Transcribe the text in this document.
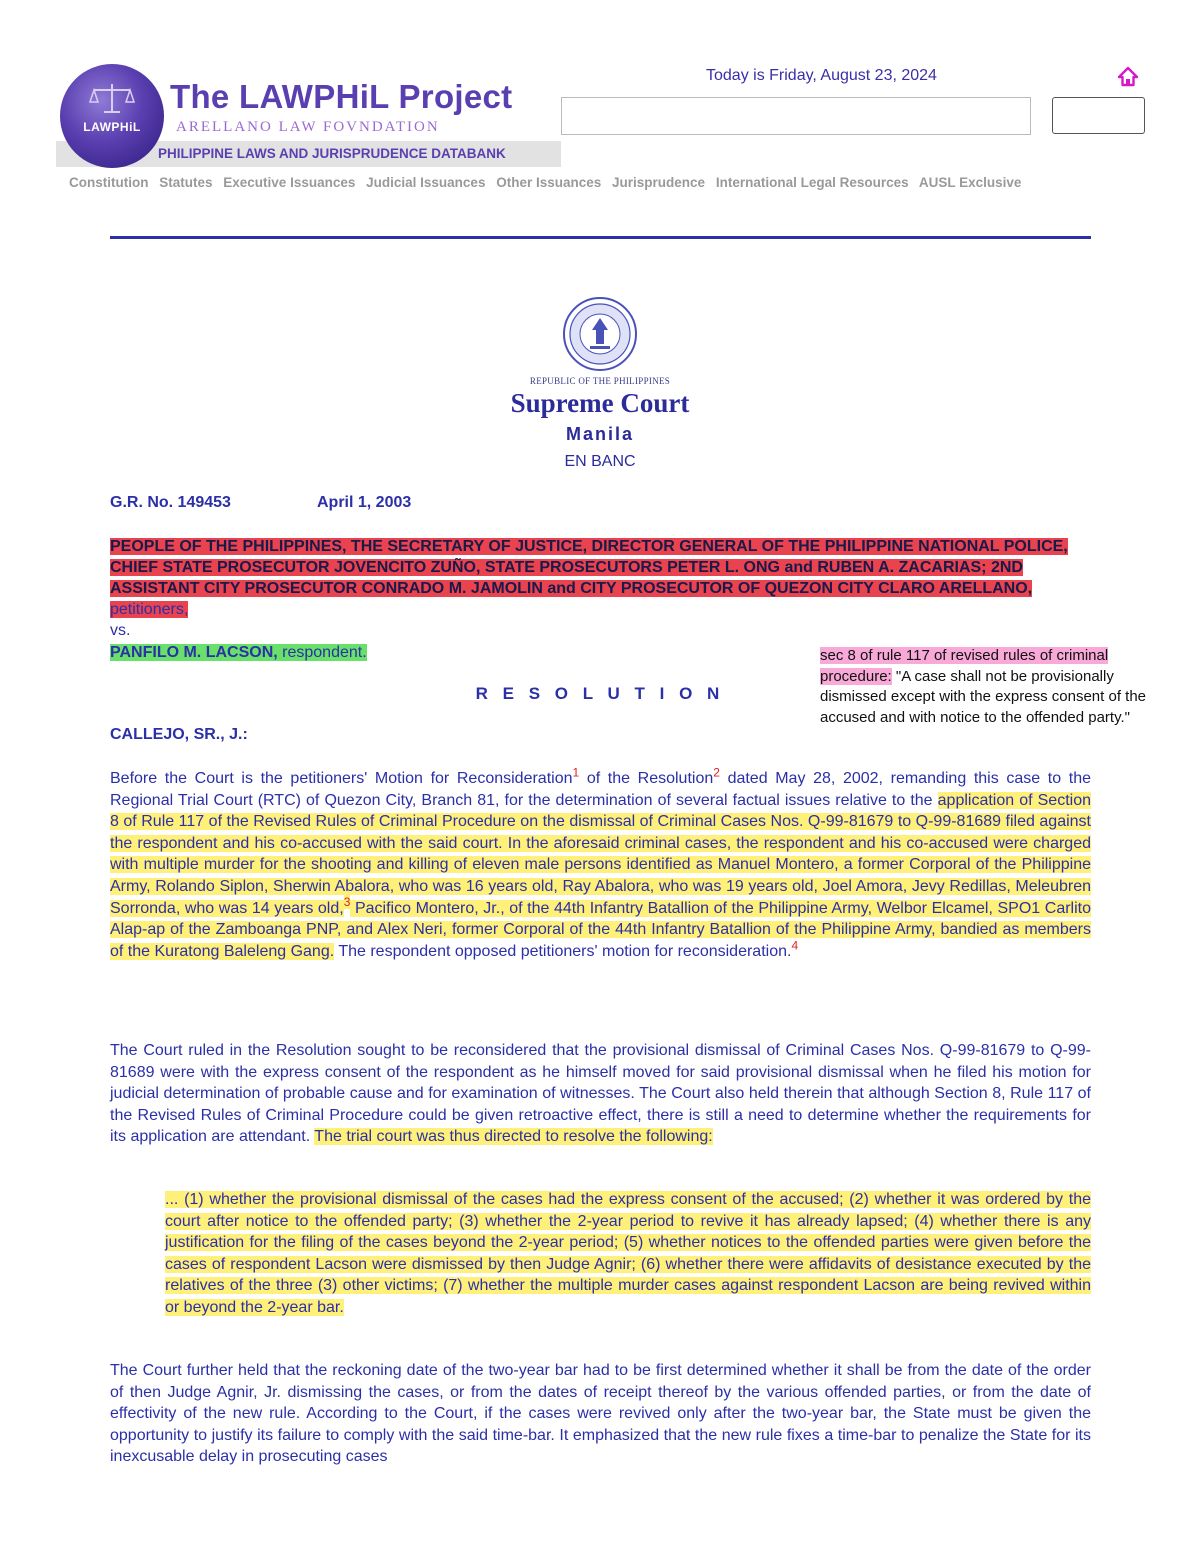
PHILIPPINE LAWS AND JURISPRUDENCE DATABANK
LAWPHiL
The LAWPHiL Project
ARELLANO LAW FOVNDATION
Today is Friday, August 23, 2024
Constitution Statutes Executive Issuances Judicial Issuances Other Issuances Jurisprudence International Legal Resources AUSL Exclusive
REPUBLIC OF THE PHILIPPINES
Supreme Court
Manila
EN BANC
G.R. No. 149453	April 1, 2003
PEOPLE OF THE PHILIPPINES, THE SECRETARY OF JUSTICE, DIRECTOR GENERAL OF THE PHILIPPINE NATIONAL POLICE, CHIEF STATE PROSECUTOR JOVENCITO ZUÑO, STATE PROSECUTORS PETER L. ONG and RUBEN A. ZACARIAS; 2ND ASSISTANT CITY PROSECUTOR CONRADO M. JAMOLIN and CITY PROSECUTOR OF QUEZON CITY CLARO ARELLANO, petitioners,
vs.
PANFILO M. LACSON, respondent.	sec 8 of rule 117 of revised rules of criminal procedure: "A case shall not be provisionally dismissed except with the express consent of the accused and with notice to the offended party."
R E S O L U T I O N
CALLEJO, SR., J.:
Before the Court is the petitioners' Motion for Reconsideration$^1$ of the Resolution$^2$ dated May 28, 2002, remanding this case to the Regional Trial Court (RTC) of Quezon City, Branch 81, for the determination of several factual issues relative to the application of Section 8 of Rule 117 of the Revised Rules of Criminal Procedure on the dismissal of Criminal Cases Nos. Q-99-81679 to Q-99-81689 filed against the respondent and his co-accused with the said court. In the aforesaid criminal cases, the respondent and his co-accused were charged with multiple murder for the shooting and killing of eleven male persons identified as Manuel Montero, a former Corporal of the Philippine Army, Rolando Siplon, Sherwin Abalora, who was 16 years old, Ray Abalora, who was 19 years old, Joel Amora, Jevy Redillas, Meleubren Sorronda, who was 14 years old,$^3$ Pacifico Montero, Jr., of the 44th Infantry Batallion of the Philippine Army, Welbor Elcamel, SPO1 Carlito Alap-ap of the Zamboanga PNP, and Alex Neri, former Corporal of the 44th Infantry Batallion of the Philippine Army, bandied as members of the Kuratong Baleleng Gang. The respondent opposed petitioners' motion for reconsideration.$^4$
The Court ruled in the Resolution sought to be reconsidered that the provisional dismissal of Criminal Cases Nos. Q-99-81679 to Q-99-81689 were with the express consent of the respondent as he himself moved for said provisional dismissal when he filed his motion for judicial determination of probable cause and for examination of witnesses. The Court also held therein that although Section 8, Rule 117 of the Revised Rules of Criminal Procedure could be given retroactive effect, there is still a need to determine whether the requirements for its application are attendant. The trial court was thus directed to resolve the following:
... (1) whether the provisional dismissal of the cases had the express consent of the accused; (2) whether it was ordered by the court after notice to the offended party; (3) whether the 2-year period to revive it has already lapsed; (4) whether there is any justification for the filing of the cases beyond the 2-year period; (5) whether notices to the offended parties were given before the cases of respondent Lacson were dismissed by then Judge Agnir; (6) whether there were affidavits of desistance executed by the relatives of the three (3) other victims; (7) whether the multiple murder cases against respondent Lacson are being revived within or beyond the 2-year bar.
The Court further held that the reckoning date of the two-year bar had to be first determined whether it shall be from the date of the order of then Judge Agnir, Jr. dismissing the cases, or from the dates of receipt thereof by the various offended parties, or from the date of effectivity of the new rule. According to the Court, if the cases were revived only after the two-year bar, the State must be given the opportunity to justify its failure to comply with the said time-bar. It emphasized that the new rule fixes a time-bar to penalize the State for its inexcusable delay in prosecuting cases
